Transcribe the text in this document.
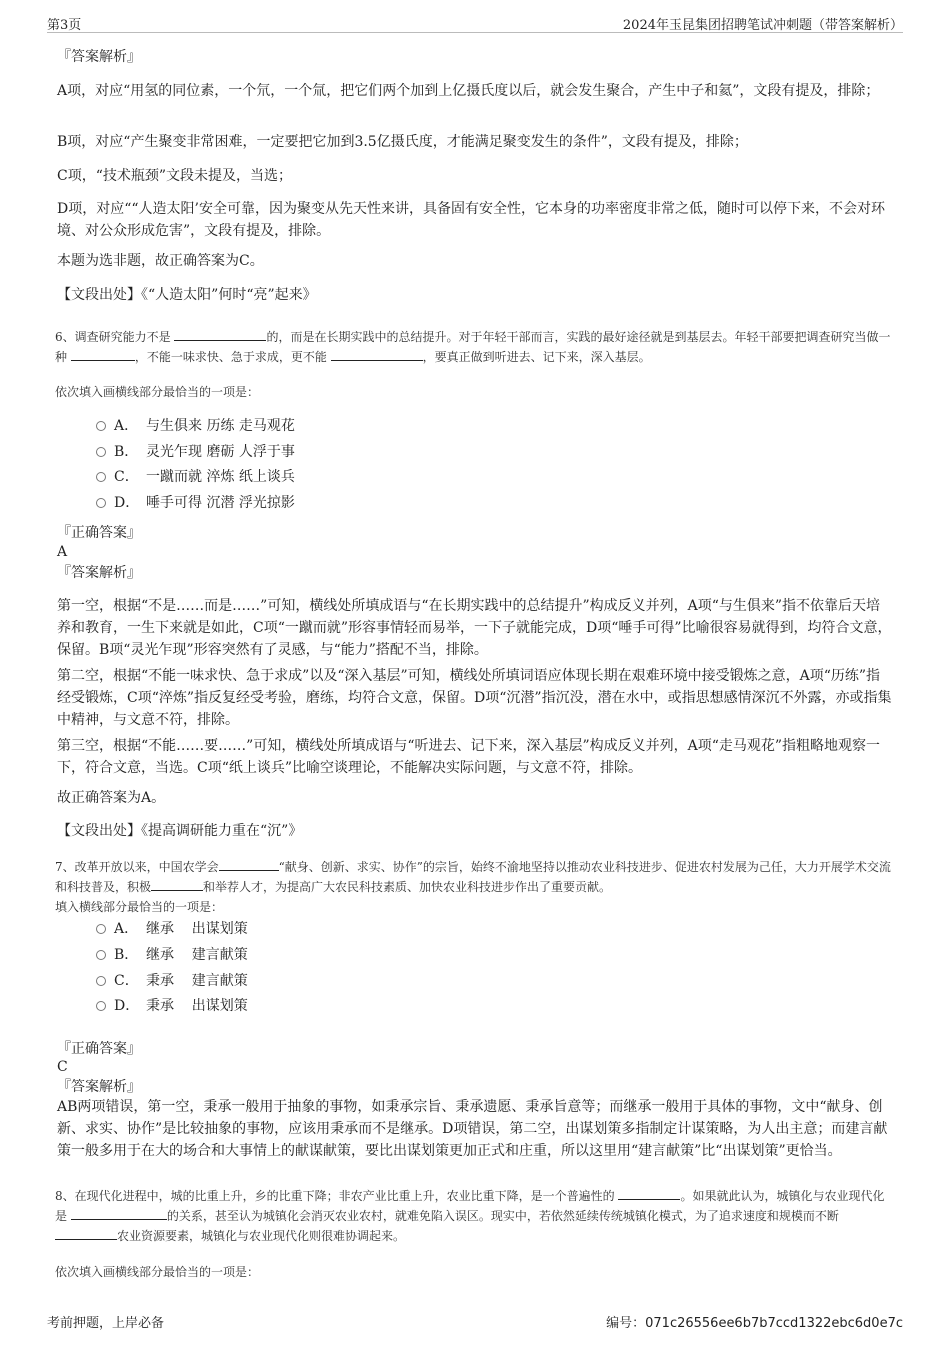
第3页	2024年玉昆集团招聘笔试冲刺题（带答案解析）

『答案解析』

A项，对应“用氢的同位素，一个氘，一个氚，把它们两个加到上亿摄氏度以后，就会发生聚合，产生中子和氦”，文段有提及，排除；

B项，对应“产生聚变非常困难，一定要把它加到3.5亿摄氏度，才能满足聚变发生的条件”，文段有提及，排除；

C项，“技术瓶颈”文段未提及，当选；

D项，对应““人造太阳’安全可靠，因为聚变从先天性来讲，具备固有安全性，它本身的功率密度非常之低，随时可以停下来，不会对环境、对公众形成危害”，文段有提及，排除。

本题为选非题，故正确答案为C。

【文段出处】《“人造太阳”何时“亮”起来》

6、调查研究能力不是	的，而是在长期实践中的总结提升。对于年轻干部而言，实践的最好途径就是到基层去。年轻干部要把调查研究当做一种	，不能一味求快、急于求成，更不能	，要真正做到听进去、记下来，深入基层。

依次填入画横线部分最恰当的一项是：

A． 与生俱来 历练 走马观花
B． 灵光乍现 磨砺 人浮于事
C． 一蹴而就 淬炼 纸上谈兵
D． 唾手可得 沉潜 浮光掠影

『正确答案』

A

『答案解析』

第一空，根据“不是……而是……”可知，横线处所填成语与“在长期实践中的总结提升”构成反义并列，A项“与生俱来”指不依靠后天培养和教育，一生下来就是如此，C项“一蹴而就”形容事情轻而易举，一下子就能完成，D项“唾手可得”比喻很容易就得到，均符合文意，保留。B项“灵光乍现”形容突然有了灵感，与“能力”搭配不当，排除。

第二空，根据“不能一味求快、急于求成”以及“深入基层”可知，横线处所填词语应体现长期在艰难环境中接受锻炼之意，A项“历练”指经受锻炼，C项“淬炼”指反复经受考验，磨练，均符合文意，保留。D项“沉潜”指沉没，潜在水中，或指思想感情深沉不外露，亦或指集中精神，与文意不符，排除。

第三空，根据“不能……要……”可知，横线处所填成语与“听进去、记下来，深入基层”构成反义并列，A项“走马观花”指粗略地观察一下，符合文意，当选。C项“纸上谈兵”比喻空谈理论，不能解决实际问题，与文意不符，排除。

故正确答案为A。

【文段出处】《提高调研能力重在“沉”》

7、改革开放以来，中国农学会	“献身、创新、求实、协作”的宗旨，始终不渝地坚持以推动农业科技进步、促进农村发展为己任，大力开展学术交流和科技普及，积极	和举荐人才，为提高广大农民科技素质、加快农业科技进步作出了重要贡献。

填入横线部分最恰当的一项是：

A． 继承    出谋划策
B． 继承    建言献策
C． 秉承    建言献策
D． 秉承    出谋划策

『正确答案』

C

『答案解析』

AB两项错误，第一空，秉承一般用于抽象的事物，如秉承宗旨、秉承遗愿、秉承旨意等；而继承一般用于具体的事物，文中“献身、创新、求实、协作”是比较抽象的事物，应该用秉承而不是继承。D项错误，第二空，出谋划策多指制定计谋策略，为人出主意；而建言献策一般多用于在大的场合和大事情上的献谋献策，要比出谋划策更加正式和庄重，所以这里用“建言献策”比“出谋划策”更恰当。

8、在现代化进程中，城的比重上升，乡的比重下降；非农产业比重上升，农业比重下降，是一个普遍性的	。如果就此认为，城镇化与农业现代化是	的关系，甚至认为城镇化会消灭农业农村，就难免陷入误区。现实中，若依然延续传统城镇化模式，为了追求速度和规模而不断 农业资源要素，城镇化与农业现代化则很难协调起来。

依次填入画横线部分最恰当的一项是：

考前押题，上岸必备	编号：071c26556ee6b7b7ccd1322ebc6d0e7c
